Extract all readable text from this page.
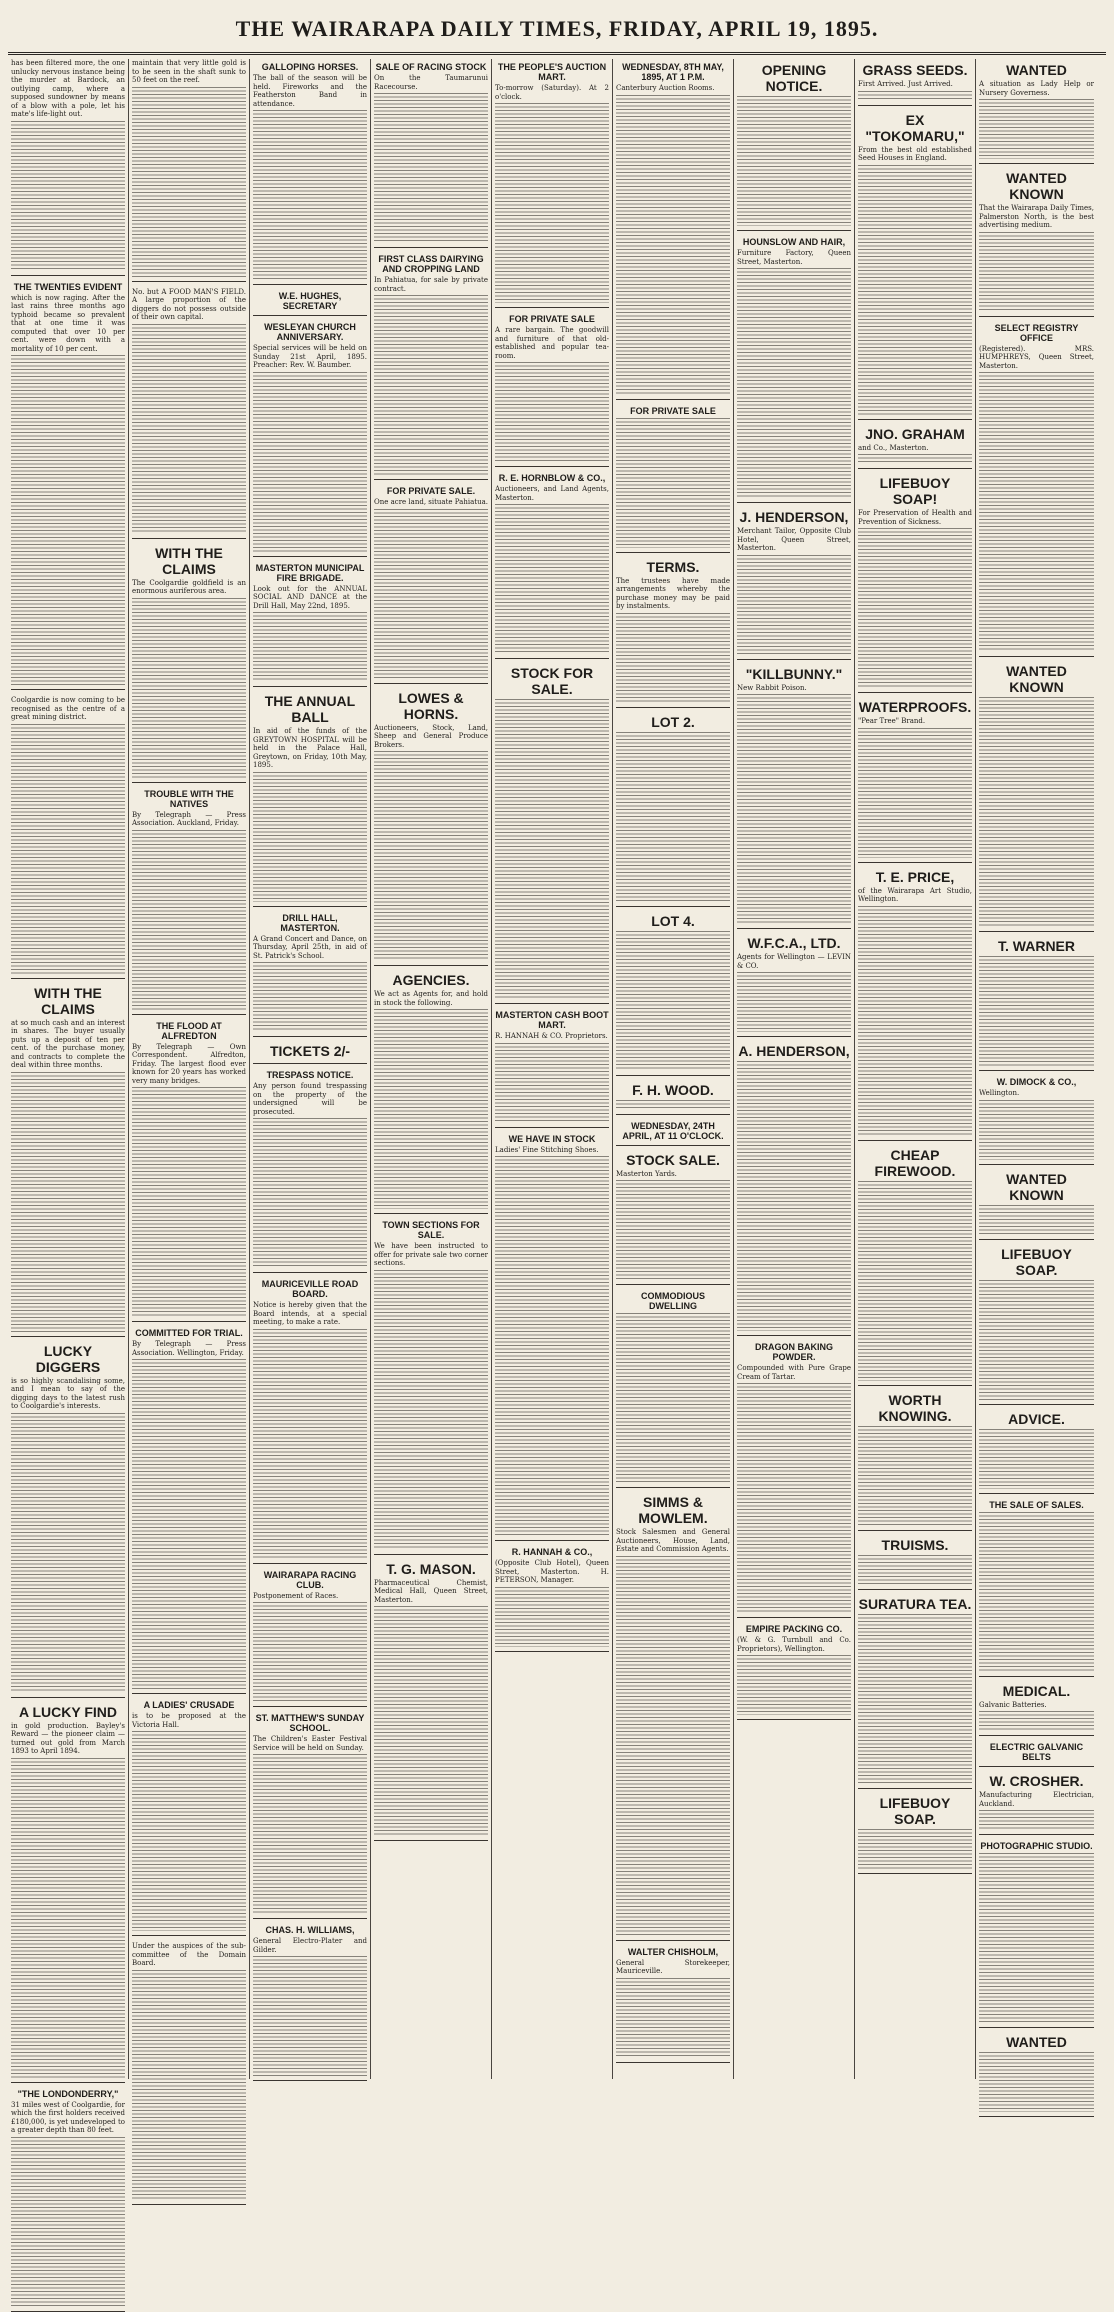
THE WAIRARAPA DAILY TIMES, FRIDAY, APRIL 19, 1895.
has been filtered more, the one unlucky nervous instance being the murder at Bardock, an outlying camp, where a supposed sundowner by means of a blow with a pole, let his mate's life-light out.
THE TWENTIES EVIDENT
which is now raging. After the last rains three months ago typhoid became so prevalent that at one time it was computed that over 10 per cent. were down with a mortality of 10 per cent.
Coolgardie is now coming to be recognised as the centre of a great mining district.
WITH THE CLAIMS
at so much cash and an interest in shares. The buyer usually puts up a deposit of ten per cent. of the purchase money, and contracts to complete the deal within three months.
LUCKY DIGGERS
is so highly scandalising some, and I mean to say of the digging days to the latest rush to Coolgardie's interests.
A LUCKY FIND
in gold production. Bayley's Reward — the pioneer claim — turned out gold from March 1893 to April 1894.
"THE LONDONDERRY,"
31 miles west of Coolgardie, for which the first holders received £180,000, is yet undeveloped to a greater depth than 80 feet.
maintain that very little gold is to be seen in the shaft sunk to 50 feet on the reef.
No. but A FOOD MAN'S FIELD. A large proportion of the diggers do not possess outside of their own capital.
WITH THE CLAIMS
The Coolgardie goldfield is an enormous auriferous area.
TROUBLE WITH THE NATIVES
By Telegraph — Press Association. Auckland, Friday.
THE FLOOD AT ALFREDTON
By Telegraph — Own Correspondent. Alfredton, Friday. The largest flood ever known for 20 years has worked very many bridges.
COMMITTED FOR TRIAL.
By Telegraph — Press Association. Wellington, Friday.
A LADIES' CRUSADE
is to be proposed at the Victoria Hall.
Under the auspices of the sub-committee of the Domain Board.
GALLOPING HORSES.
The ball of the season will be held. Fireworks and the Featherston Band in attendance.
W.E. HUGHES, SECRETARY
WESLEYAN CHURCH ANNIVERSARY.
Special services will be held on Sunday 21st April, 1895. Preacher: Rev. W. Baumber.
MASTERTON MUNICIPAL FIRE BRIGADE.
Look out for the ANNUAL SOCIAL AND DANCE at the Drill Hall, May 22nd, 1895.
THE ANNUAL BALL
In aid of the funds of the GREYTOWN HOSPITAL will be held in the Palace Hall, Greytown, on Friday, 10th May, 1895.
DRILL HALL, MASTERTON.
A Grand Concert and Dance, on Thursday, April 25th, in aid of St. Patrick's School.
TICKETS 2/-
TRESPASS NOTICE.
Any person found trespassing on the property of the undersigned will be prosecuted.
MAURICEVILLE ROAD BOARD.
Notice is hereby given that the Board intends, at a special meeting, to make a rate.
WAIRARAPA RACING CLUB.
Postponement of Races.
ST. MATTHEW'S SUNDAY SCHOOL.
The Children's Easter Festival Service will be held on Sunday.
CHAS. H. WILLIAMS,
General Electro-Plater and Gilder.
SALE OF RACING STOCK
On the Taumarunui Racecourse.
FIRST CLASS DAIRYING AND CROPPING LAND
In Pahiatua, for sale by private contract.
FOR PRIVATE SALE.
One acre land, situate Pahiatua.
LOWES & HORNS.
Auctioneers, Stock, Land, Sheep and General Produce Brokers.
AGENCIES.
We act as Agents for, and hold in stock the following.
TOWN SECTIONS FOR SALE.
We have been instructed to offer for private sale two corner sections.
T. G. MASON.
Pharmaceutical Chemist, Medical Hall, Queen Street, Masterton.
THE PEOPLE'S AUCTION MART.
To-morrow (Saturday). At 2 o'clock.
FOR PRIVATE SALE
A rare bargain. The goodwill and furniture of that old-established and popular tea-room.
R. E. HORNBLOW & CO.,
Auctioneers, and Land Agents, Masterton.
STOCK FOR SALE.
MASTERTON CASH BOOT MART.
R. HANNAH & CO. Proprietors.
WE HAVE IN STOCK
Ladies' Fine Stitching Shoes.
R. HANNAH & CO.,
(Opposite Club Hotel), Queen Street, Masterton. H. PETERSON, Manager.
WEDNESDAY, 8TH MAY, 1895, AT 1 P.M.
Canterbury Auction Rooms.
FOR PRIVATE SALE
TERMS.
The trustees have made arrangements whereby the purchase money may be paid by instalments.
LOT 2.
LOT 4.
F. H. WOOD.
WEDNESDAY, 24TH APRIL, AT 11 O'CLOCK.
STOCK SALE.
Masterton Yards.
COMMODIOUS DWELLING
SIMMS & MOWLEM.
Stock Salesmen and General Auctioneers, House, Land, Estate and Commission Agents.
WALTER CHISHOLM,
General Storekeeper, Mauriceville.
OPENING NOTICE.
HOUNSLOW AND HAIR,
Furniture Factory, Queen Street, Masterton.
J. HENDERSON,
Merchant Tailor, Opposite Club Hotel, Queen Street, Masterton.
"KILLBUNNY."
New Rabbit Poison.
W.F.C.A., LTD.
Agents for Wellington — LEVIN & CO.
A. HENDERSON,
DRAGON BAKING POWDER.
Compounded with Pure Grape Cream of Tartar.
EMPIRE PACKING CO.
(W. & G. Turnbull and Co. Proprietors), Wellington.
GRASS SEEDS.
First Arrived. Just Arrived.
EX "TOKOMARU,"
From the best old established Seed Houses in England.
JNO. GRAHAM
and Co., Masterton.
LIFEBUOY SOAP!
For Preservation of Health and Prevention of Sickness.
WATERPROOFS.
"Pear Tree" Brand.
T. E. PRICE,
of the Wairarapa Art Studio, Wellington.
CHEAP FIREWOOD.
WORTH KNOWING.
TRUISMS.
SURATURA TEA.
LIFEBUOY SOAP.
WANTED
A situation as Lady Help or Nursery Governess.
WANTED KNOWN
That the Wairarapa Daily Times, Palmerston North, is the best advertising medium.
SELECT REGISTRY OFFICE
(Registered). MRS. HUMPHREYS, Queen Street, Masterton.
WANTED KNOWN
T. WARNER
W. DIMOCK & CO.,
Wellington.
WANTED KNOWN
LIFEBUOY SOAP.
ADVICE.
THE SALE OF SALES.
MEDICAL.
Galvanic Batteries.
ELECTRIC GALVANIC BELTS
W. CROSHER.
Manufacturing Electrician, Auckland.
PHOTOGRAPHIC STUDIO.
WANTED
